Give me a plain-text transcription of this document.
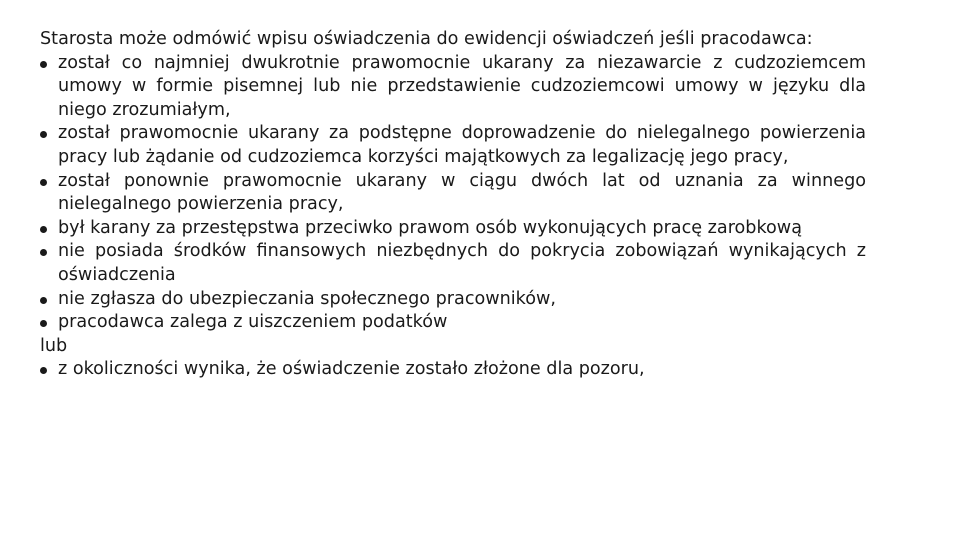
Starosta może odmówić wpisu oświadczenia do ewidencji oświadczeń jeśli pracodawca:

został co najmniej dwukrotnie prawomocnie ukarany za niezawarcie z cudzoziemcem umowy w formie pisemnej lub nie przedstawienie cudzoziemcowi umowy w języku dla niego zrozumiałym,
został prawomocnie ukarany za podstępne doprowadzenie do nielegalnego powierzenia pracy lub żądanie od cudzoziemca korzyści majątkowych za legalizację jego pracy,
został ponownie prawomocnie ukarany w ciągu dwóch lat od uznania za winnego nielegalnego powierzenia pracy,
był karany za przestępstwa przeciwko prawom osób wykonujących pracę zarobkową
nie posiada środków finansowych niezbędnych do pokrycia zobowiązań wynikających z oświadczenia
nie zgłasza do ubezpieczania społecznego pracowników,
pracodawca zalega z uiszczeniem podatków

lub

z okoliczności wynika, że oświadczenie zostało złożone dla pozoru,
